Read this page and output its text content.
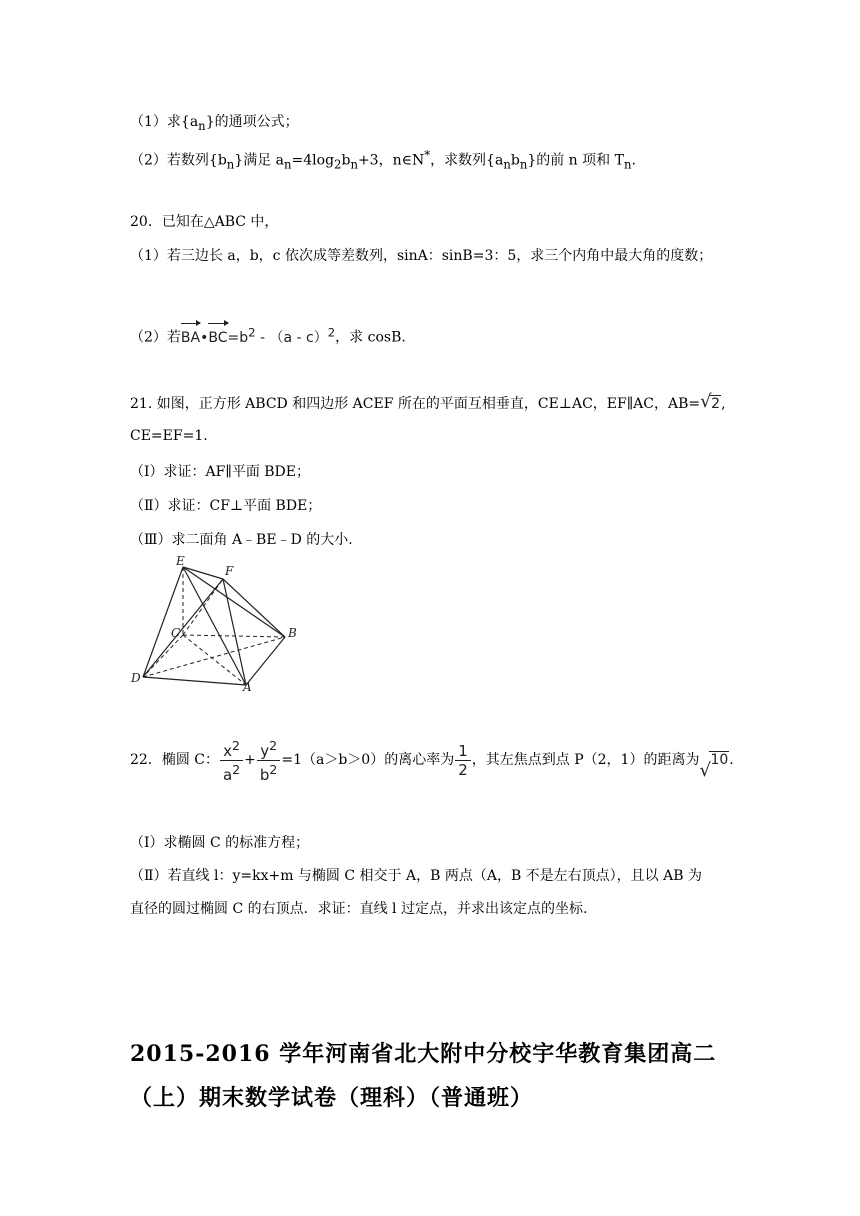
（1）求$\{a_n\}$的通项公式；
（2）若数列$\{b_n\}$满足 $a_n=4\log_2b_n+3$，n∈N*，求数列$\{a_nb_n\}$的前 n 项和 $T_n$.
20．已知在△ABC 中，
（1）若三边长 a，b，c 依次成等差数列，sinA：sinB=3：5，求三个内角中最大角的度数；
（2）若$BA•BC=b^2 - (a - c)^2$，求 cosB.
21. 如图，正方形 ABCD 和四边形 ACEF 所在的平面互相垂直，CE⊥AC，EF∥AC，AB= √ 2,
CE=EF=1.
（Ⅰ）求证：AF∥平面 BDE；
（Ⅱ）求证：CF⊥平面 BDE；
（Ⅲ）求二面角 A﹣BE﹣D 的大小.
E
F
C	B
D
A
22．椭圆 C： $\frac{x^2}{a^2} + \frac{y^2}{b^2} =1(a>b>0)$的离心率为 $\frac{1}{2}$ ，其左焦点到点 P（2，1）的距离为 √ 10.
（Ⅰ）求椭圆 C 的标准方程；
（Ⅱ）若直线 l：y=kx+m 与椭圆 C 相交于 A，B 两点（A，B 不是左右顶点），且以 AB 为
直径的圆过椭圆 C 的右顶点．求证：直线 l 过定点，并求出该定点的坐标.
2015-2016 学年河南省北大附中分校宇华教育集团高二
（上）期末数学试卷（理科）（普通班）
